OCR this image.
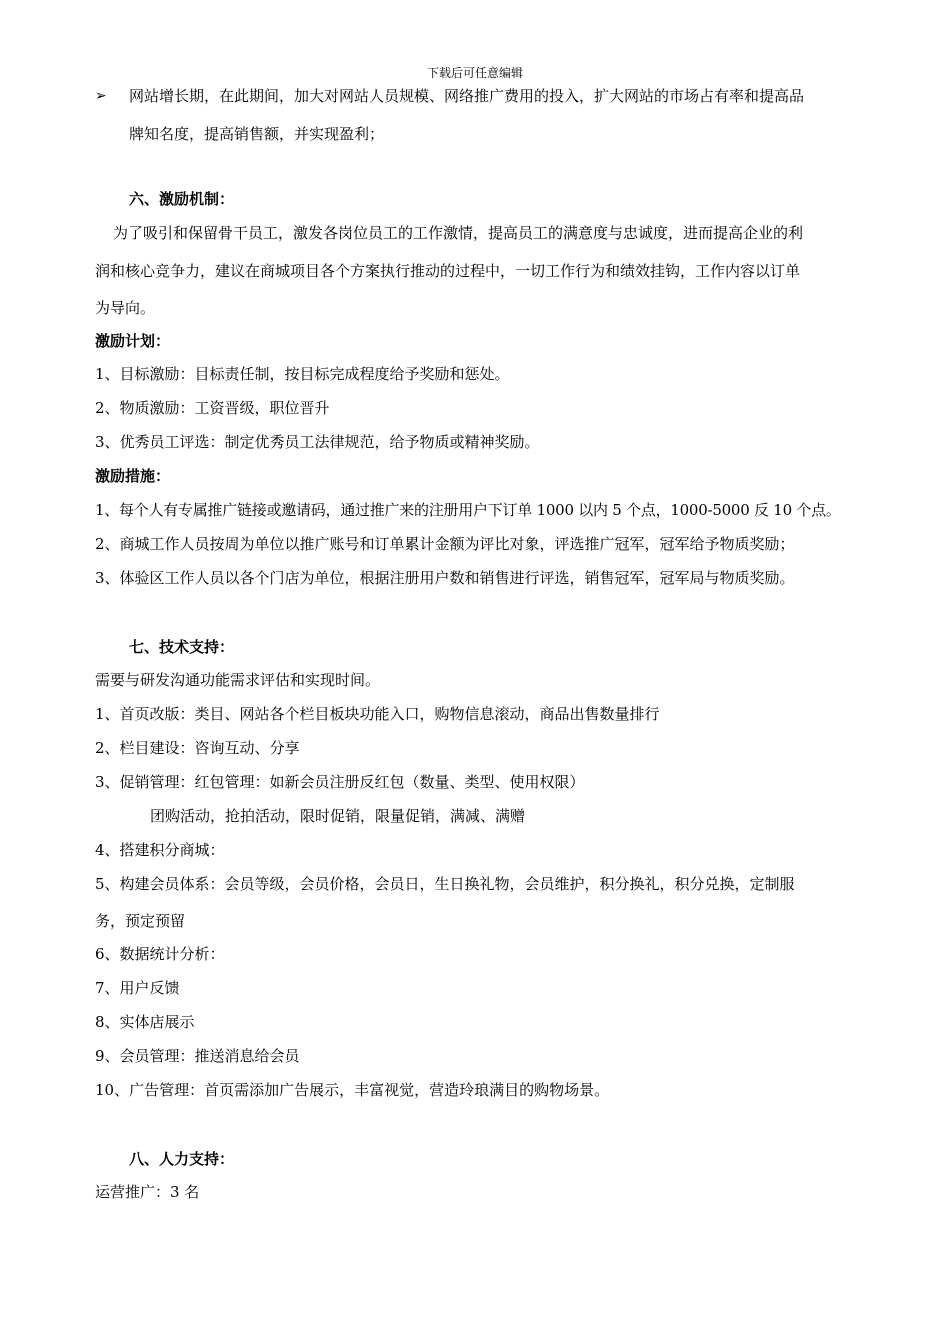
下载后可任意编辑
➢ 网站增长期，在此期间，加大对网站人员规模、网络推广费用的投入，扩大网站的市场占有率和提高品
牌知名度，提高销售额，并实现盈利；
六、激励机制：
为了吸引和保留骨干员工，激发各岗位员工的工作激情，提高员工的满意度与忠诚度，进而提高企业的利
润和核心竞争力，建议在商城项目各个方案执行推动的过程中，一切工作行为和绩效挂钩，工作内容以订单
为导向。
激励计划：
1、目标激励：目标责任制，按目标完成程度给予奖励和惩处。
2、物质激励：工资晋级，职位晋升
3、优秀员工评选：制定优秀员工法律规范，给予物质或精神奖励。
激励措施：
1、每个人有专属推广链接或邀请码，通过推广来的注册用户下订单 1000 以内 5 个点，1000-5000 反 10 个点。
2、商城工作人员按周为单位以推广账号和订单累计金额为评比对象，评选推广冠军，冠军给予物质奖励；
3、体验区工作人员以各个门店为单位，根据注册用户数和销售进行评选，销售冠军，冠军局与物质奖励。
七、技术支持：
需要与研发沟通功能需求评估和实现时间。
1、首页改版：类目、网站各个栏目板块功能入口，购物信息滚动，商品出售数量排行
2、栏目建设：咨询互动、分享
3、促销管理：红包管理：如新会员注册反红包（数量、类型、使用权限）
团购活动，抢拍活动，限时促销，限量促销，满减、满赠
4、搭建积分商城：
5、构建会员体系：会员等级，会员价格，会员日，生日换礼物，会员维护，积分换礼，积分兑换，定制服
务，预定预留
6、数据统计分析：
7、用户反馈
8、实体店展示
9、会员管理：推送消息给会员
10、广告管理：首页需添加广告展示，丰富视觉，营造玲琅满目的购物场景。
八、人力支持：
运营推广：3 名
